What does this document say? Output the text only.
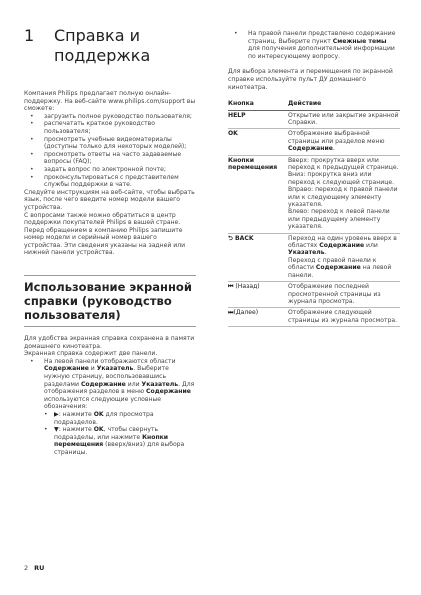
1	Справка и
поддержка

Компания Philips предлагает полную онлайн-поддержку. На веб-сайте www.philips.com/support вы сможете:

• загрузить полное руководство пользователя;
• распечатать краткое руководство пользователя;
• просмотреть учебные видеоматериалы (доступны только для некоторых моделей);
• просмотреть ответы на часто задаваемые вопросы (FAQ);
• задать вопрос по электронной почте;
• проконсультироваться с представителем службы поддержки в чате.

Следуйте инструкциям на веб-сайте, чтобы выбрать язык, после чего введите номер модели вашего устройства.

С вопросами также можно обратиться в центр поддержки покупателей Philips в вашей стране. Перед обращением в компанию Philips запишите номер модели и серийный номер вашего устройства. Эти сведения указаны на задней или нижней панели устройства.

Использование экранной
справки (руководство
пользователя)

Для удобства экранная справка сохранена в памяти домашнего кинотеатра.

Экранная справка содержит две панели.

• На левой панели отображаются области Содержание и Указатель. Выберите нужную страницу, воспользовавшись разделами Содержание или Указатель. Для отображения разделов в меню Содержание используются следующие условные обозначения:
• ▶: нажмите OK для просмотра подразделов.
• ▼: нажмите OK, чтобы свернуть подразделы, или нажмите Кнопки перемещения (вверх/вниз) для выбора страницы.
• На правой панели представлено содержание страниц. Выберите пункт Смежные темы для получения дополнительной информации по интересующему вопросу.

Для выбора элемента и перемещения по экранной справке используйте пульт ДУ домашнего кинотеатра.

Кнопка	Действие
HELP	Открытие или закрытие экранной Справки.
OK	Отображение выбранной страницы или разделов меню Содержание.
Кнопки перемещения	Вверх: прокрутка вверх или переход к предыдущей странице.
Вниз: прокрутка вниз или переход к следующей странице.
Вправо: переход к правой панели или к следующему элементу указателя.
Влево: переход к левой панели или предыдущему элементу указателя.
⮌ BACK	Переход на один уровень вверх в областях Содержание или Указатель.
Переход с правой панели к области Содержание на левой панели.
⏮ (Назад)	Отображение последней просмотренной страницы из журнала просмотра.
⏭(Далее)	Отображение следующей страницы из журнала просмотра.
2 RU
